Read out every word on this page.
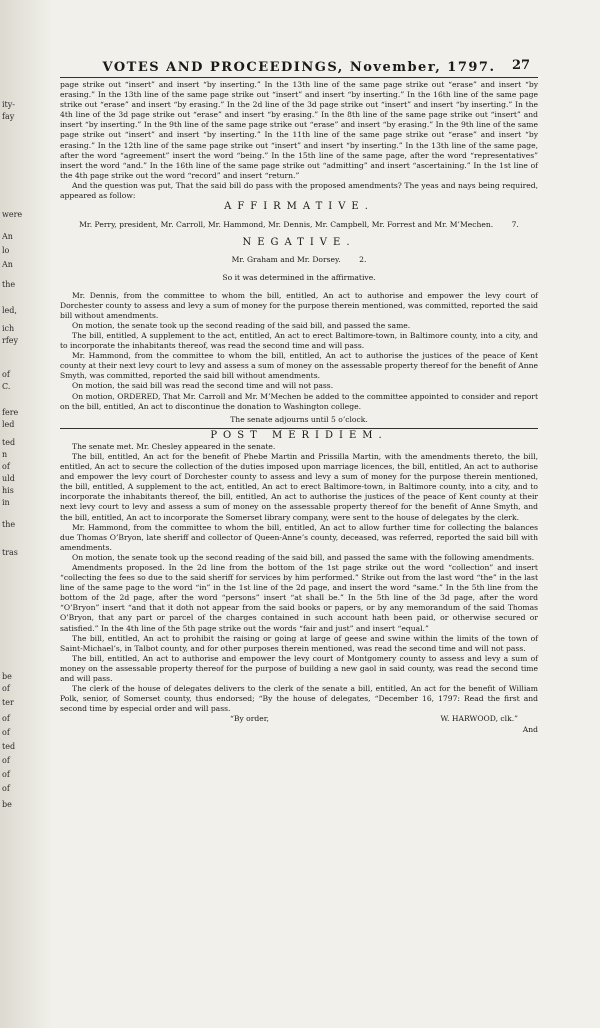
ity-
fay
were
An
lo
An
the
led,
ich
rfey
of
C.
fere
led
ted
n
of
uld
his
in
the
tras
be
of
ter
of
of
ted
of
of
of
be
VOTES AND PROCEEDINGS, November, 1797.	27

page strike out “insert” and insert “by inserting.” In the 13th line of the same page strike out “erase” and insert “by erasing.” In the 13th line of the same page strike out “insert” and insert “by inserting.” In the 16th line of the same page strike out “erase” and insert “by erasing.” In the 2d line of the 3d page strike out “insert” and insert “by inserting.” In the 4th line of the 3d page strike out “erase” and insert “by erasing.” In the 8th line of the same page strike out “insert” and insert “by inserting.” In the 9th line of the same page strike out “erase” and insert “by erasing.” In the 9th line of the same page strike out “insert” and insert “by inserting.” In the 11th line of the same page strike out “erase” and insert “by erasing.” In the 12th line of the same page strike out “insert” and insert “by inserting.” In the 13th line of the same page, after the word “agreement” insert the word “being.” In the 15th line of the same page, after the word “representatives” insert the word “and.” In the 16th line of the same page strike out “admitting” and insert “ascertaining.” In the 1st line of the 4th page strike out the word “record” and insert “return.”

And the question was put, That the said bill do pass with the proposed amendments? The yeas and nays being required, appeared as follow:

AFFIRMATIVE.

Mr. Perry, president, Mr. Carroll, Mr. Hammond, Mr. Dennis, Mr. Campbell, Mr. Forrest and Mr. M’Mechen. 7.

NEGATIVE.

Mr. Graham and Mr. Dorsey. 2.

So it was determined in the affirmative.

Mr. Dennis, from the committee to whom the bill, entitled, An act to authorise and empower the levy court of Dorchester county to assess and levy a sum of money for the purpose therein mentioned, was committed, reported the said bill without amendments.

On motion, the senate took up the second reading of the said bill, and passed the same.

The bill, entitled, A supplement to the act, entitled, An act to erect Baltimore-town, in Baltimore county, into a city, and to incorporate the inhabitants thereof, was read the second time and will pass.

Mr. Hammond, from the committee to whom the bill, entitled, An act to authorise the justices of the peace of Kent county at their next levy court to levy and assess a sum of money on the assessable property thereof for the benefit of Anne Smyth, was committed, reported the said bill without amendments.

On motion, the said bill was read the second time and will not pass.

On motion, ORDERED, That Mr. Carroll and Mr. M’Mechen be added to the committee appointed to consider and report on the bill, entitled, An act to discontinue the donation to Washington college.

The senate adjourns until 5 o’clock.

POST MERIDIEM.

The senate met. Mr. Chesley appeared in the senate.

The bill, entitled, An act for the benefit of Phebe Martin and Prissilla Martin, with the amendments thereto, the bill, entitled, An act to secure the collection of the duties imposed upon marriage licences, the bill, entitled, An act to authorise and empower the levy court of Dorchester county to assess and levy a sum of money for the purpose therein mentioned, the bill, entitled, A supplement to the act, entitled, An act to erect Baltimore-town, in Baltimore county, into a city, and to incorporate the inhabitants thereof, the bill, entitled, An act to authorise the justices of the peace of Kent county at their next levy court to levy and assess a sum of money on the assessable property thereof for the benefit of Anne Smyth, and the bill, entitled, An act to incorporate the Somerset library company, were sent to the house of delegates by the clerk.

Mr. Hammond, from the committee to whom the bill, entitled, An act to allow further time for collecting the balances due Thomas O’Bryon, late sheriff and collector of Queen-Anne’s county, deceased, was referred, reported the said bill with amendments.

On motion, the senate took up the second reading of the said bill, and passed the same with the following amendments.

Amendments proposed. In the 2d line from the bottom of the 1st page strike out the word “collection” and insert “collecting the fees so due to the said sheriff for services by him performed.” Strike out from the last word “the” in the last line of the same page to the word “in” in the 1st line of the 2d page, and insert the word “same.” In the 5th line from the bottom of the 2d page, after the word “persons” insert “at shall be.” In the 5th line of the 3d page, after the word “O’Bryon” insert “and that it doth not appear from the said books or papers, or by any memorandum of the said Thomas O’Bryon, that any part or parcel of the charges contained in such account hath been paid, or otherwise secured or satisfied.” In the 4th line of the 5th page strike out the words “fair and just” and insert “equal.”

The bill, entitled, An act to prohibit the raising or going at large of geese and swine within the limits of the town of Saint-Michael’s, in Talbot county, and for other purposes therein mentioned, was read the second time and will not pass.

The bill, entitled, An act to authorise and empower the levy court of Montgomery county to assess and levy a sum of money on the assessable property thereof for the purpose of building a new gaol in said county, was read the second time and will pass.

The clerk of the house of delegates delivers to the clerk of the senate a bill, entitled, An act for the benefit of William Polk, senior, of Somerset county, thus endorsed; “By the house of delegates, “December 16, 1797: Read the first and second time by especial order and will pass.

“By order,	W. HARWOOD, clk.”
And
